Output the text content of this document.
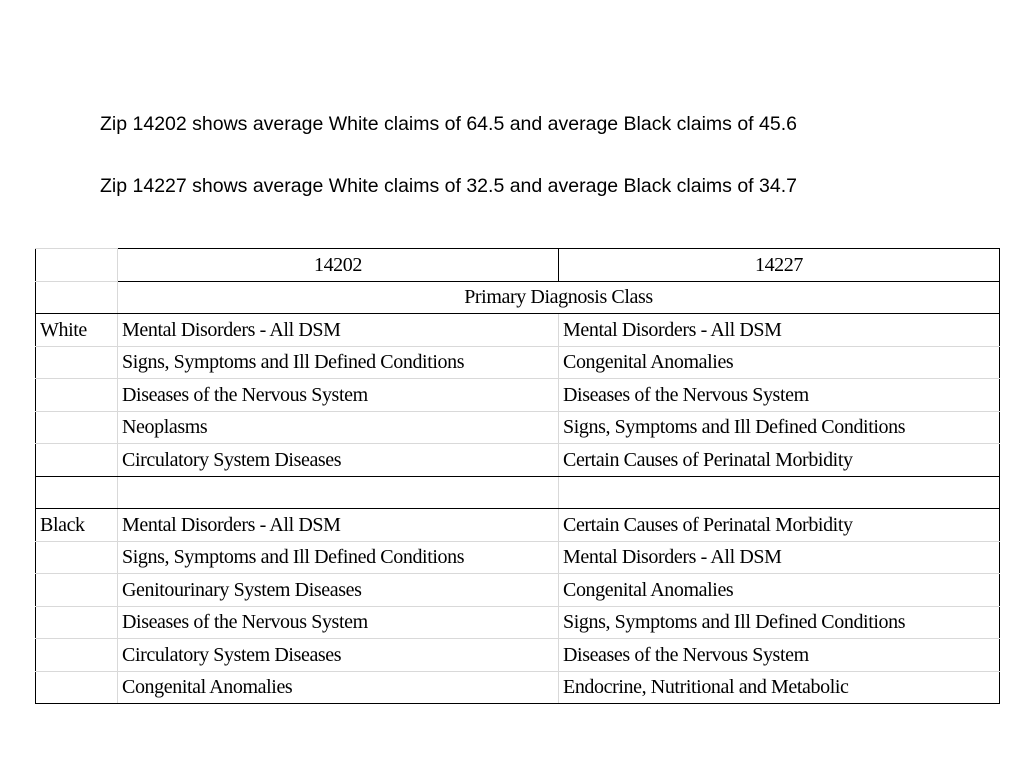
Zip 14202 shows average White claims of 64.5 and average Black claims of 45.6
Zip 14227 shows average White claims of 32.5 and average Black claims of 34.7
	14202	14227
	Primary Diagnosis Class	
White	Mental Disorders - All DSM	Mental Disorders - All DSM
	Signs, Symptoms and Ill Defined Conditions	Congenital Anomalies
	Diseases of the Nervous System	Diseases of the Nervous System
	Neoplasms	Signs, Symptoms and Ill Defined Conditions
	Circulatory System Diseases	Certain Causes of Perinatal Morbidity

Black	Mental Disorders - All DSM	Certain Causes of Perinatal Morbidity
	Signs, Symptoms and Ill Defined Conditions	Mental Disorders - All DSM
	Genitourinary System Diseases	Congenital Anomalies
	Diseases of the Nervous System	Signs, Symptoms and Ill Defined Conditions
	Circulatory System Diseases	Diseases of the Nervous System
	Congenital Anomalies	Endocrine, Nutritional and Metabolic
